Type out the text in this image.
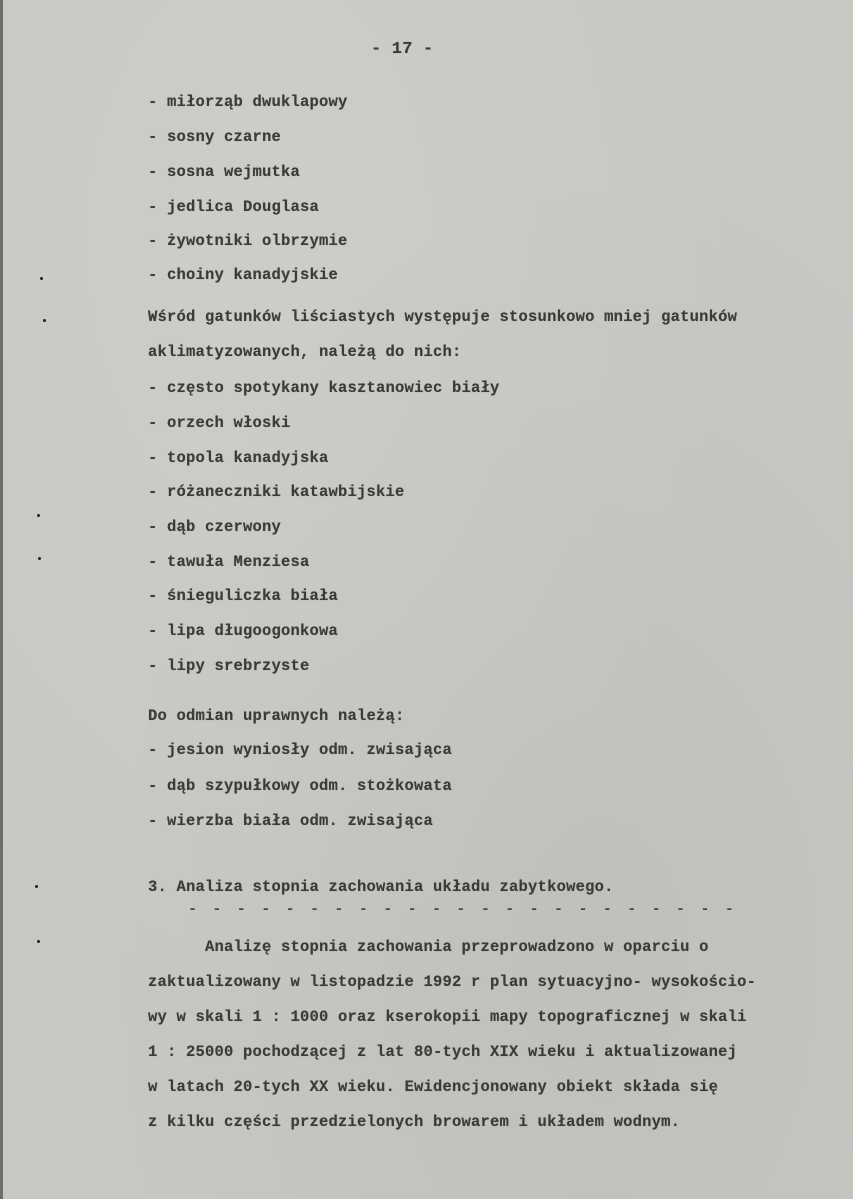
- 17 -
- miłorząb dwuklapowy
- sosny czarne
- sosna wejmutka
- jedlica Douglasa
- żywotniki olbrzymie
- choiny kanadyjskie
Wśród gatunków liściastych występuje stosunkowo mniej gatunków
aklimatyzowanych, należą do nich:
- często spotykany kasztanowiec biały
- orzech włoski
- topola kanadyjska
- różaneczniki katawbijskie
- dąb czerwony
- tawuła Menziesa
- śnieguliczka biała
- lipa długoogonkowa
- lipy srebrzyste
Do odmian uprawnych należą:
- jesion wyniosły odm. zwisająca
- dąb szypułkowy odm. stożkowata
- wierzba biała odm. zwisająca
3. Analiza stopnia zachowania układu zabytkowego.
- - - - - - - - - - - - - - - - - - - - - - -
Analizę stopnia zachowania przeprowadzono w oparciu o
zaktualizowany w listopadzie 1992 r plan sytuacyjno- wysokościo-
wy w skali 1 : 1000 oraz kserokopii mapy topograficznej w skali
1 : 25000 pochodzącej z lat 80-tych XIX wieku i aktualizowanej
w latach 20-tych XX wieku. Ewidencjonowany obiekt składa się
z kilku części przedzielonych browarem i układem wodnym.
